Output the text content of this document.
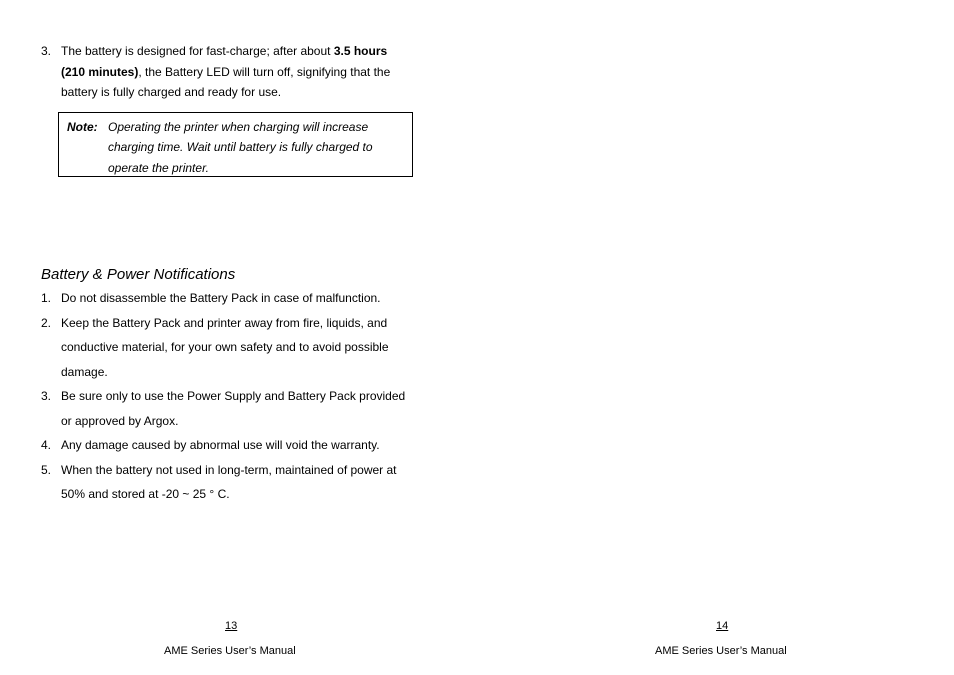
3. The battery is designed for fast-charge; after about 3.5 hours
(210 minutes), the Battery LED will turn off, signifying that the
battery is fully charged and ready for use.
Note: Operating the printer when charging will increase
charging time. Wait until battery is fully charged to
operate the printer.
Battery & Power Notifications
1. Do not disassemble the Battery Pack in case of malfunction.
2. Keep the Battery Pack and printer away from fire, liquids, and
conductive material, for your own safety and to avoid possible
damage.
3. Be sure only to use the Power Supply and Battery Pack provided
or approved by Argox.
4. Any damage caused by abnormal use will void the warranty.
5. When the battery not used in long-term, maintained of power at
50% and stored at -20 ~ 25 ° C.
13
AME Series User’s Manual
14
AME Series User’s Manual
